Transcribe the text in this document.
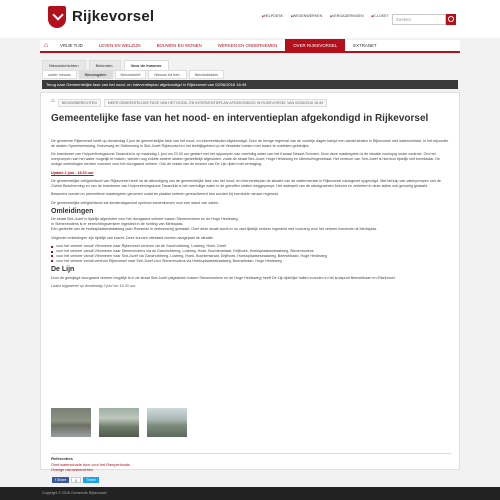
Rijkevorsel	■ HELPDESK	■ WEGENWERKEN	■ VERGADERINGEN	■ E-LOKET
■
Zoeken
⌂	VRIJE TIJD	LEVEN EN WELZIJN	BOUWEN EN WONEN	WERKEN EN ONDERNEMEN	OVER RIJKEVORSEL	EXTRANET
Nieuwsberichten	Bekendm.	Voor de Inwoner
ouder nieuws	Nieuwsgaten	Nieuwsbrief	Nieuws tot heb.	Nieuwsbladen
Terug naar Gemeentelijke fase van het nood- en interventieplan afgekondigd in Rijkevorsel van 02/06/2016 16:49
⌂	NIEUWSBERICHTEN	MEER GEMEENTELIJKE FASE VAN HET NOOD- EN INTERVENTIEPLAN AFGEKONDIGD IN RIJKEVORSEL VAN 02/06/2016 16:49
Gemeentelijke fase van het nood- en interventieplan afgekondigd in Rijkevorsel

De gemeente Rijkevorsel heeft op donderdag 2 juni de gemeentelijke fase van het nood- en interventieplan afgekondigd. Door de hevige regenval van de voorbije dagen kampt een aantal straten in Rijkevorsel met wateroverlast. In het bijzonder de straten Speelmeersweg, Hoeveweg en Gelkenweg in Sint-Jozef-Rijkevorsel en het leefdijkgebied op de Vesselse hoeken met zware te voeteken gebiedjes.

De brandweer van Hulpverleningszone Taxandria is op maandag 1 juni om 23.00 uur gestart met het oppompen van overtollig water van het Kanaal Dessel-Schoten. Door deze maatregelen is de situatie voorlopig onder controle. Om het overpompen van het water mogelijk te maken, werden nog enkele andere straten gedeeltelijk afgesloten, zoals de straat Sint-Jozef, Hoge Heideweg en Ullenbuilingenstraat. Het centrum van Sint-Jozef is hierdoor tijdelijk niet bereikbaar. De nodige omleidingen werden voorzien voor het doorgaand verkeer. Ook de masts van de bussen van De Lijn rijden met vertraging.

Update 2 juni - 18.30 uur

De gemeentelijke veiligheidscel van Rijkevorsel heeft na de afkondiging van de gemeentelijke fase van het nood- en interventieplan de situatie van de wateroverlast in Rijkevorsel nauwgezet opgevolgd. Met behulp van vakerpompen van de Civiele Bescherming en van de brandweer van Hulpverleningszone Taxandria is het overtollige water in de getroffen straten weggepompt. Het waterpeil van de rabotgrachten bekomt en verbetert in deze acties ook gevoelig gedaald.

Bewoners worden er preventieve maatregelen genomen zodat ter plaatse meteen gereactiveerd kan worden bij eventuele nieuwe regenval.

De gemeentelijke veiligheidscel zal donderdagavond opnieuw samenkomen voor een stand van zaken.

Omleidingen

De straat Sint-Jozef is tijdelijk afgesloten voor het doorgaand verkeer tussen Stenenmolens en de Hoge Heideweg.

In Stenenmolens is er eenrichtingsverkeer ingesteld in de richting van Merksplas.

Een gedeelte van de Hoeksplaatsestraatweg (aan Roeselaz in verkeersvrij) gemaakt. Over deze straat wordt er nu vast tijdelijk verkeer ingesteld met voorrang voor het verkeer komende uit Merksplas.

Volgende omleidingen zijn tijdelijk van kracht. Deze kunnen uiteraard worden aangepast de situatie:

voor het verkeer vanuit Vlimmeren naar Rijkevorsel centrum via de Ganzhofdreeg, Losteeg, Hoek, Dreef
voor het verkeer vanuit Vlimmeren naar Stenenmolens via de Ganzhofdreeg, Losteeg, Hoek, Bochtenstraat, Drijfhoek, Hoeksplaatsestraatweg, Stenenmolens
voor het verkeer vanuit Vlimmeren naar Sint-Jozef via Ganzhofdreeg, Losteeg, Hoek, Bochtenstraat, Drijfhoek, Hoeksplaatsestraatweg, Beerselbaan, Hoge Heideweg
voor het verkeer vanuit centrum Rijkevorsel naar Sint-Jozef voor Stenenmolens via Hoeksplaatsestraatweg, Beerselbaan, Hoge Heideweg
De Lijn

Door de gewijzigd doorgaand verkeer mogelijk is in de straat Sint-Jozef (afgesloten tussen Stenenmolens en de Hoge Heideweg) heeft De Lijn tijdelijke halten voorzien in het kruispunt Beerselbaan en Elkeinhoef.

Laatst bijgewerkt op donderdag 2 juni om 18.30 uur.

Referenties
Geef waterschade door voor het Rampenfonds
Overige nieuwsberichten
f Share	0	Tweet
Copyright © 2016 Gemeente Rijkevorsel
